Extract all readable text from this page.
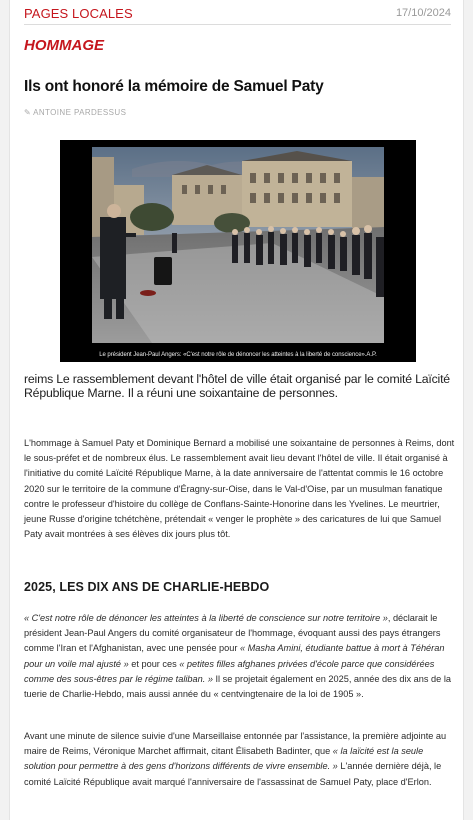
PAGES LOCALES	17/10/2024
HOMMAGE
Ils ont honoré la mémoire de Samuel Paty
✎ ANTOINE PARDESSUS
Le président Jean-Paul Angers: «C'est notre rôle de dénoncer les atteintes à la liberté de conscience».A.P.

reims Le rassemblement devant l'hôtel de ville était organisé par le comité Laïcité République Marne. Il a réuni une soixantaine de personnes.

L'hommage à Samuel Paty et Dominique Bernard a mobilisé une soixantaine de personnes à Reims, dont le sous-préfet et de nombreux élus. Le rassemblement avait lieu devant l'hôtel de ville. Il était organisé à l'initiative du comité Laïcité République Marne, à la date anniversaire de l'attentat commis le 16 octobre 2020 sur le territoire de la commune d'Éragny-sur-Oise, dans le Val-d'Oise, par un musulman fanatique contre le professeur d'histoire du collège de Conflans-Sainte-Honorine dans les Yvelines. Le meurtrier, jeune Russe d'origine tchétchène, prétendait « venger le prophète » des caricatures de lui que Samuel Paty avait montrées à ses élèves dix jours plus tôt.

2025, LES DIX ANS DE CHARLIE-HEBDO

« C'est notre rôle de dénoncer les atteintes à la liberté de conscience sur notre territoire », déclarait le président Jean-Paul Angers du comité organisateur de l'hommage, évoquant aussi des pays étrangers comme l'Iran et l'Afghanistan, avec une pensée pour « Masha Amini, étudiante battue à mort à Téhéran pour un voile mal ajusté » et pour ces « petites filles afghanes privées d'école parce que considérées comme des sous-êtres par le régime taliban. » Il se projetait également en 2025, année des dix ans de la tuerie de Charlie-Hebdo, mais aussi année du « centvingtenaire de la loi de 1905 ».

Avant une minute de silence suivie d'une Marseillaise entonnée par l'assistance, la première adjointe au maire de Reims, Véronique Marchet affirmait, citant Élisabeth Badinter, que « la laïcité est la seule solution pour permettre à des gens d'horizons différents de vivre ensemble. » L'année dernière déjà, le comité Laïcité République avait marqué l'anniversaire de l'assassinat de Samuel Paty, place d'Erlon.
